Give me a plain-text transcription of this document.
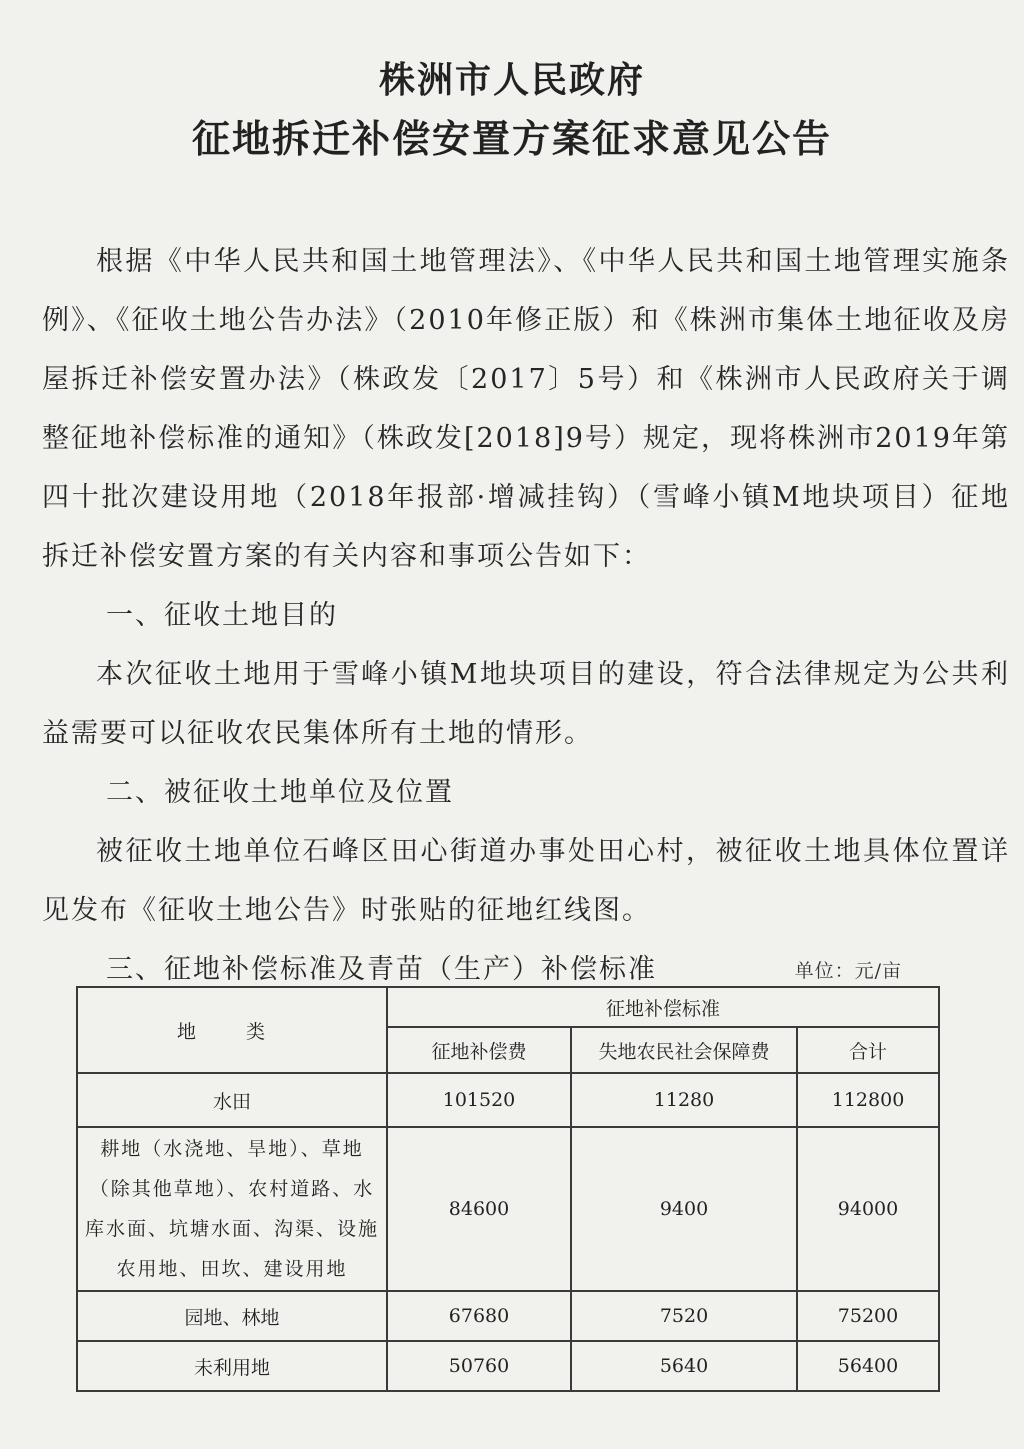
株洲市人民政府
征地拆迁补偿安置方案征求意见公告

根据《中华人民共和国土地管理法》、《中华人民共和国土地管理实施条例》、《征收土地公告办法》（2010年修正版）和《株洲市集体土地征收及房屋拆迁补偿安置办法》（株政发〔2017〕5号）和《株洲市人民政府关于调整征地补偿标准的通知》（株政发[2018]9号）规定，现将株洲市2019年第四十批次建设用地（2018年报部·增减挂钩）（雪峰小镇M地块项目）征地拆迁补偿安置方案的有关内容和事项公告如下：

一、征收土地目的

本次征收土地用于雪峰小镇M地块项目的建设，符合法律规定为公共利益需要可以征收农民集体所有土地的情形。

二、被征收土地单位及位置

被征收土地单位石峰区田心街道办事处田心村，被征收土地具体位置详见发布《征收土地公告》时张贴的征地红线图。

三、征地补偿标准及青苗（生产）补偿标准	单位：元/亩
地 类	征地补偿标准		
	征地补偿费	失地农民社会保障费	合计
水田	101520	11280	112800
耕地（水浇地、旱地）、草地（除其他草地）、农村道路、水库水面、坑塘水面、沟渠、设施农用地、田坎、建设用地	84600	9400	94000
园地、林地	67680	7520	75200
未利用地	50760	5640	56400
